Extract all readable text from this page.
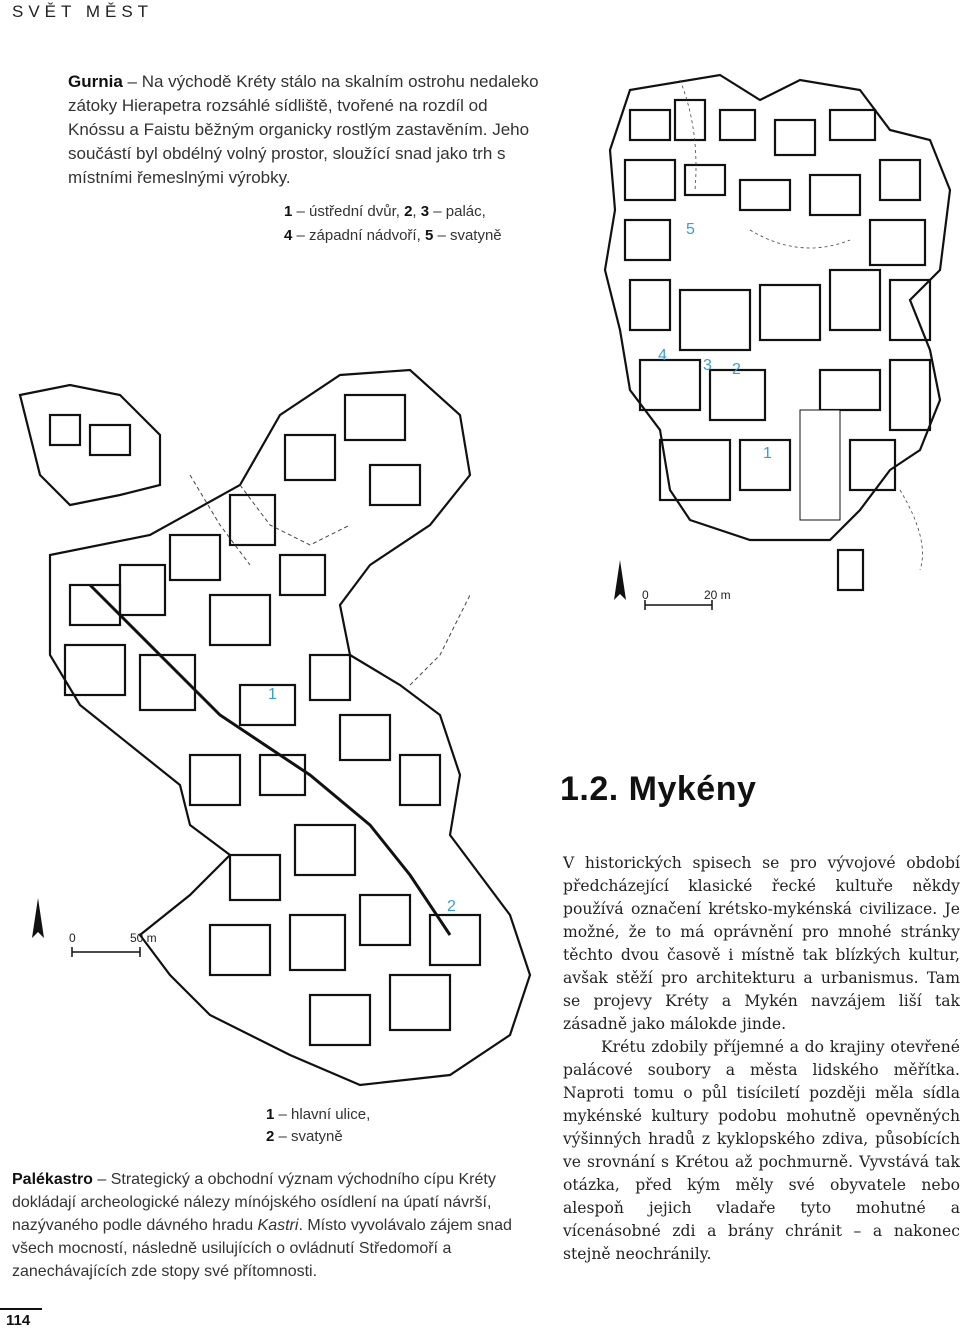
SVĚT MĚST
Gurnia – Na východě Kréty stálo na skalním ostrohu nedaleko zátoky Hierapetra rozsáhlé sídliště, tvořené na rozdíl od Knóssu a Faistu běžným organicky rostlým zastavěním. Jeho součástí byl obdélný volný prostor, sloužící snad jako trh s místními řemeslnými výrobky.
1 – ústřední dvůr, 2, 3 – palác,
4 – západní nádvoří, 5 – svatyně	5
4
3 2
1
0	20 m
1
2
0	50 m
1 – hlavní ulice,
2 – svatyně
Palékastro – Strategický a obchodní význam východního cípu Kréty dokládají archeologické nálezy mínójského osídlení na úpatí návrší, nazývaného podle dávného hradu Kastri. Místo vyvolávalo zájem snad všech mocností, následně usilujících o ovládnutí Středomoří a zanechávajících zde stopy své přítomnosti.
1.2. Mykény

V historických spisech se pro vývojové období předcházející klasické řecké kultuře někdy používá označení krétsko-mykénská civilizace. Je možné, že to má oprávnění pro mnohé stránky těchto dvou časově i místně tak blízkých kultur, avšak stěží pro architekturu a urbanismus. Tam se projevy Kréty a Mykén navzájem liší tak zásadně jako málokde jinde.

Krétu zdobily příjemné a do krajiny otevřené palácové soubory a města lidského měřítka. Naproti tomu o půl tisíciletí později měla sídla mykénské kultury podobu mohutně opevněných výšinných hradů z kyklopského zdiva, působících ve srovnání s Krétou až pochmurně. Vyvstává tak otázka, před kým měly své obyvatele nebo alespoň jejich vladaře tyto mohutné a vícenásobné zdi a brány chránit – a nakonec stejně neochránily.

114
